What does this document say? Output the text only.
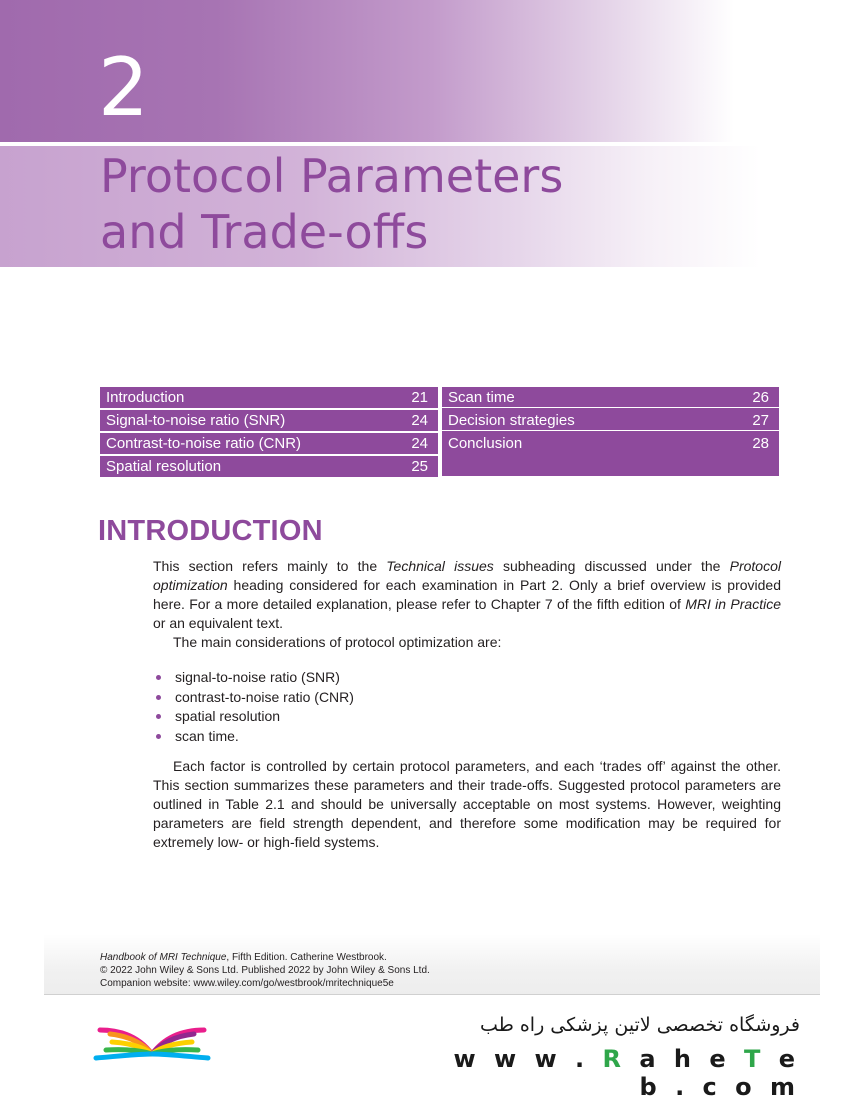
2
Protocol Parameters
and Trade-offs
Introduction	21
Signal-to-noise ratio (SNR)	24
Contrast-to-noise ratio (CNR)	24
Spatial resolution	25
Scan time	26
Decision strategies	27
Conclusion	28
INTRODUCTION

This section refers mainly to the Technical issues subheading discussed under the Protocol optimization heading considered for each examination in Part 2. Only a brief overview is provided here. For a more detailed explanation, please refer to Chapter 7 of the fifth edition of MRI in Practice or an equivalent text.

The main considerations of protocol optimization are:

signal-to-noise ratio (SNR)
contrast-to-noise ratio (CNR)
spatial resolution
scan time.

Each factor is controlled by certain protocol parameters, and each ‘trades off’ against the other. This section summarizes these parameters and their trade-offs. Suggested protocol parameters are outlined in Table 2.1 and should be universally acceptable on most systems. However, weighting parameters are field strength dependent, and therefore some modification may be required for extremely low- or high-field systems.

Handbook of MRI Technique, Fifth Edition. Catherine Westbrook.
© 2022 John Wiley & Sons Ltd. Published 2022 by John Wiley & Sons Ltd.
Companion website: www.wiley.com/go/westbrook/mritechnique5e
فروشگاه تخصصی لاتین پزشکی راه طب
w w w . R a h e T e b . c o m
